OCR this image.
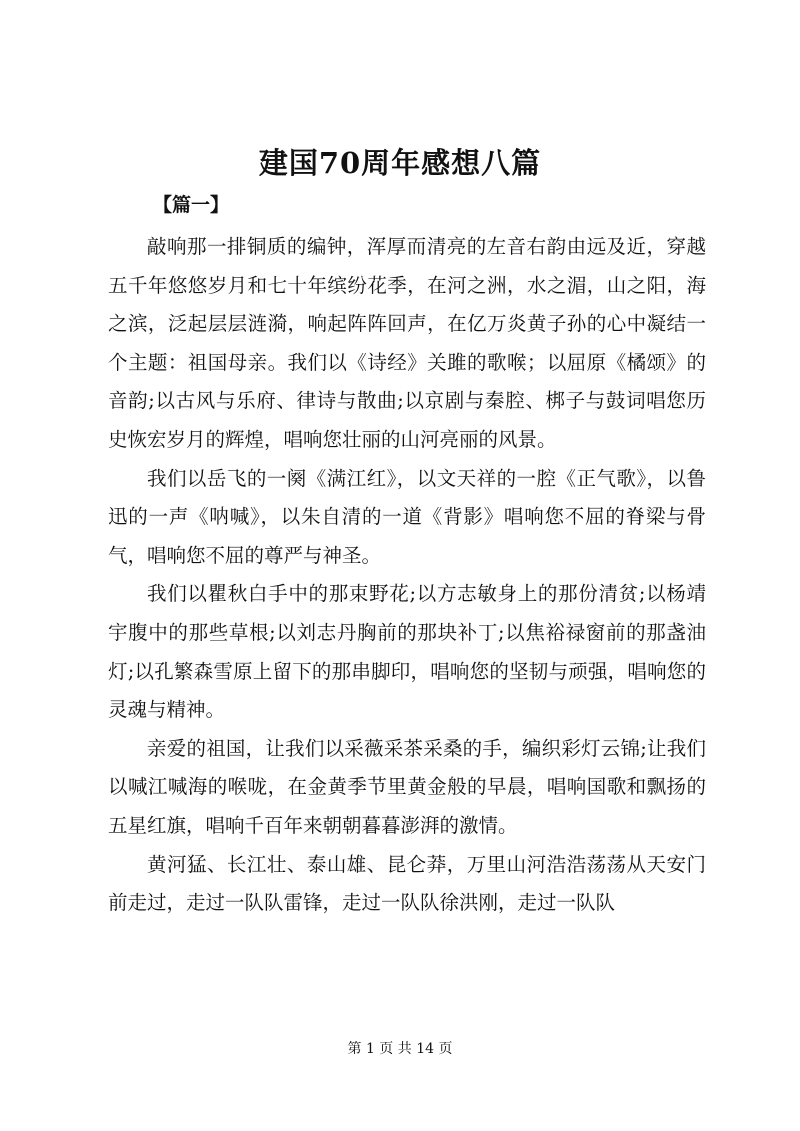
建国70周年感想八篇
【篇一】

敲响那一排铜质的编钟，浑厚而清亮的左音右韵由远及近，穿越五千年悠悠岁月和七十年缤纷花季，在河之洲，水之湄，山之阳，海之滨，泛起层层涟漪，响起阵阵回声，在亿万炎黄子孙的心中凝结一个主题：祖国母亲。我们以《诗经》关雎的歌喉；以屈原《橘颂》的音韵;以古风与乐府、律诗与散曲;以京剧与秦腔、梆子与鼓词唱您历史恢宏岁月的辉煌，唱响您壮丽的山河亮丽的风景。

我们以岳飞的一阕《满江红》，以文天祥的一腔《正气歌》，以鲁迅的一声《呐喊》，以朱自清的一道《背影》唱响您不屈的脊梁与骨气，唱响您不屈的尊严与神圣。

我们以瞿秋白手中的那束野花;以方志敏身上的那份清贫;以杨靖宇腹中的那些草根;以刘志丹胸前的那块补丁;以焦裕禄窗前的那盏油灯;以孔繁森雪原上留下的那串脚印，唱响您的坚韧与顽强，唱响您的灵魂与精神。

亲爱的祖国，让我们以采薇采茶采桑的手，编织彩灯云锦;让我们以喊江喊海的喉咙，在金黄季节里黄金般的早晨，唱响国歌和飘扬的五星红旗，唱响千百年来朝朝暮暮澎湃的激情。

黄河猛、长江壮、泰山雄、昆仑莽，万里山河浩浩荡荡从天安门前走过，走过一队队雷锋，走过一队队徐洪刚，走过一队队

第 1 页 共 14 页
